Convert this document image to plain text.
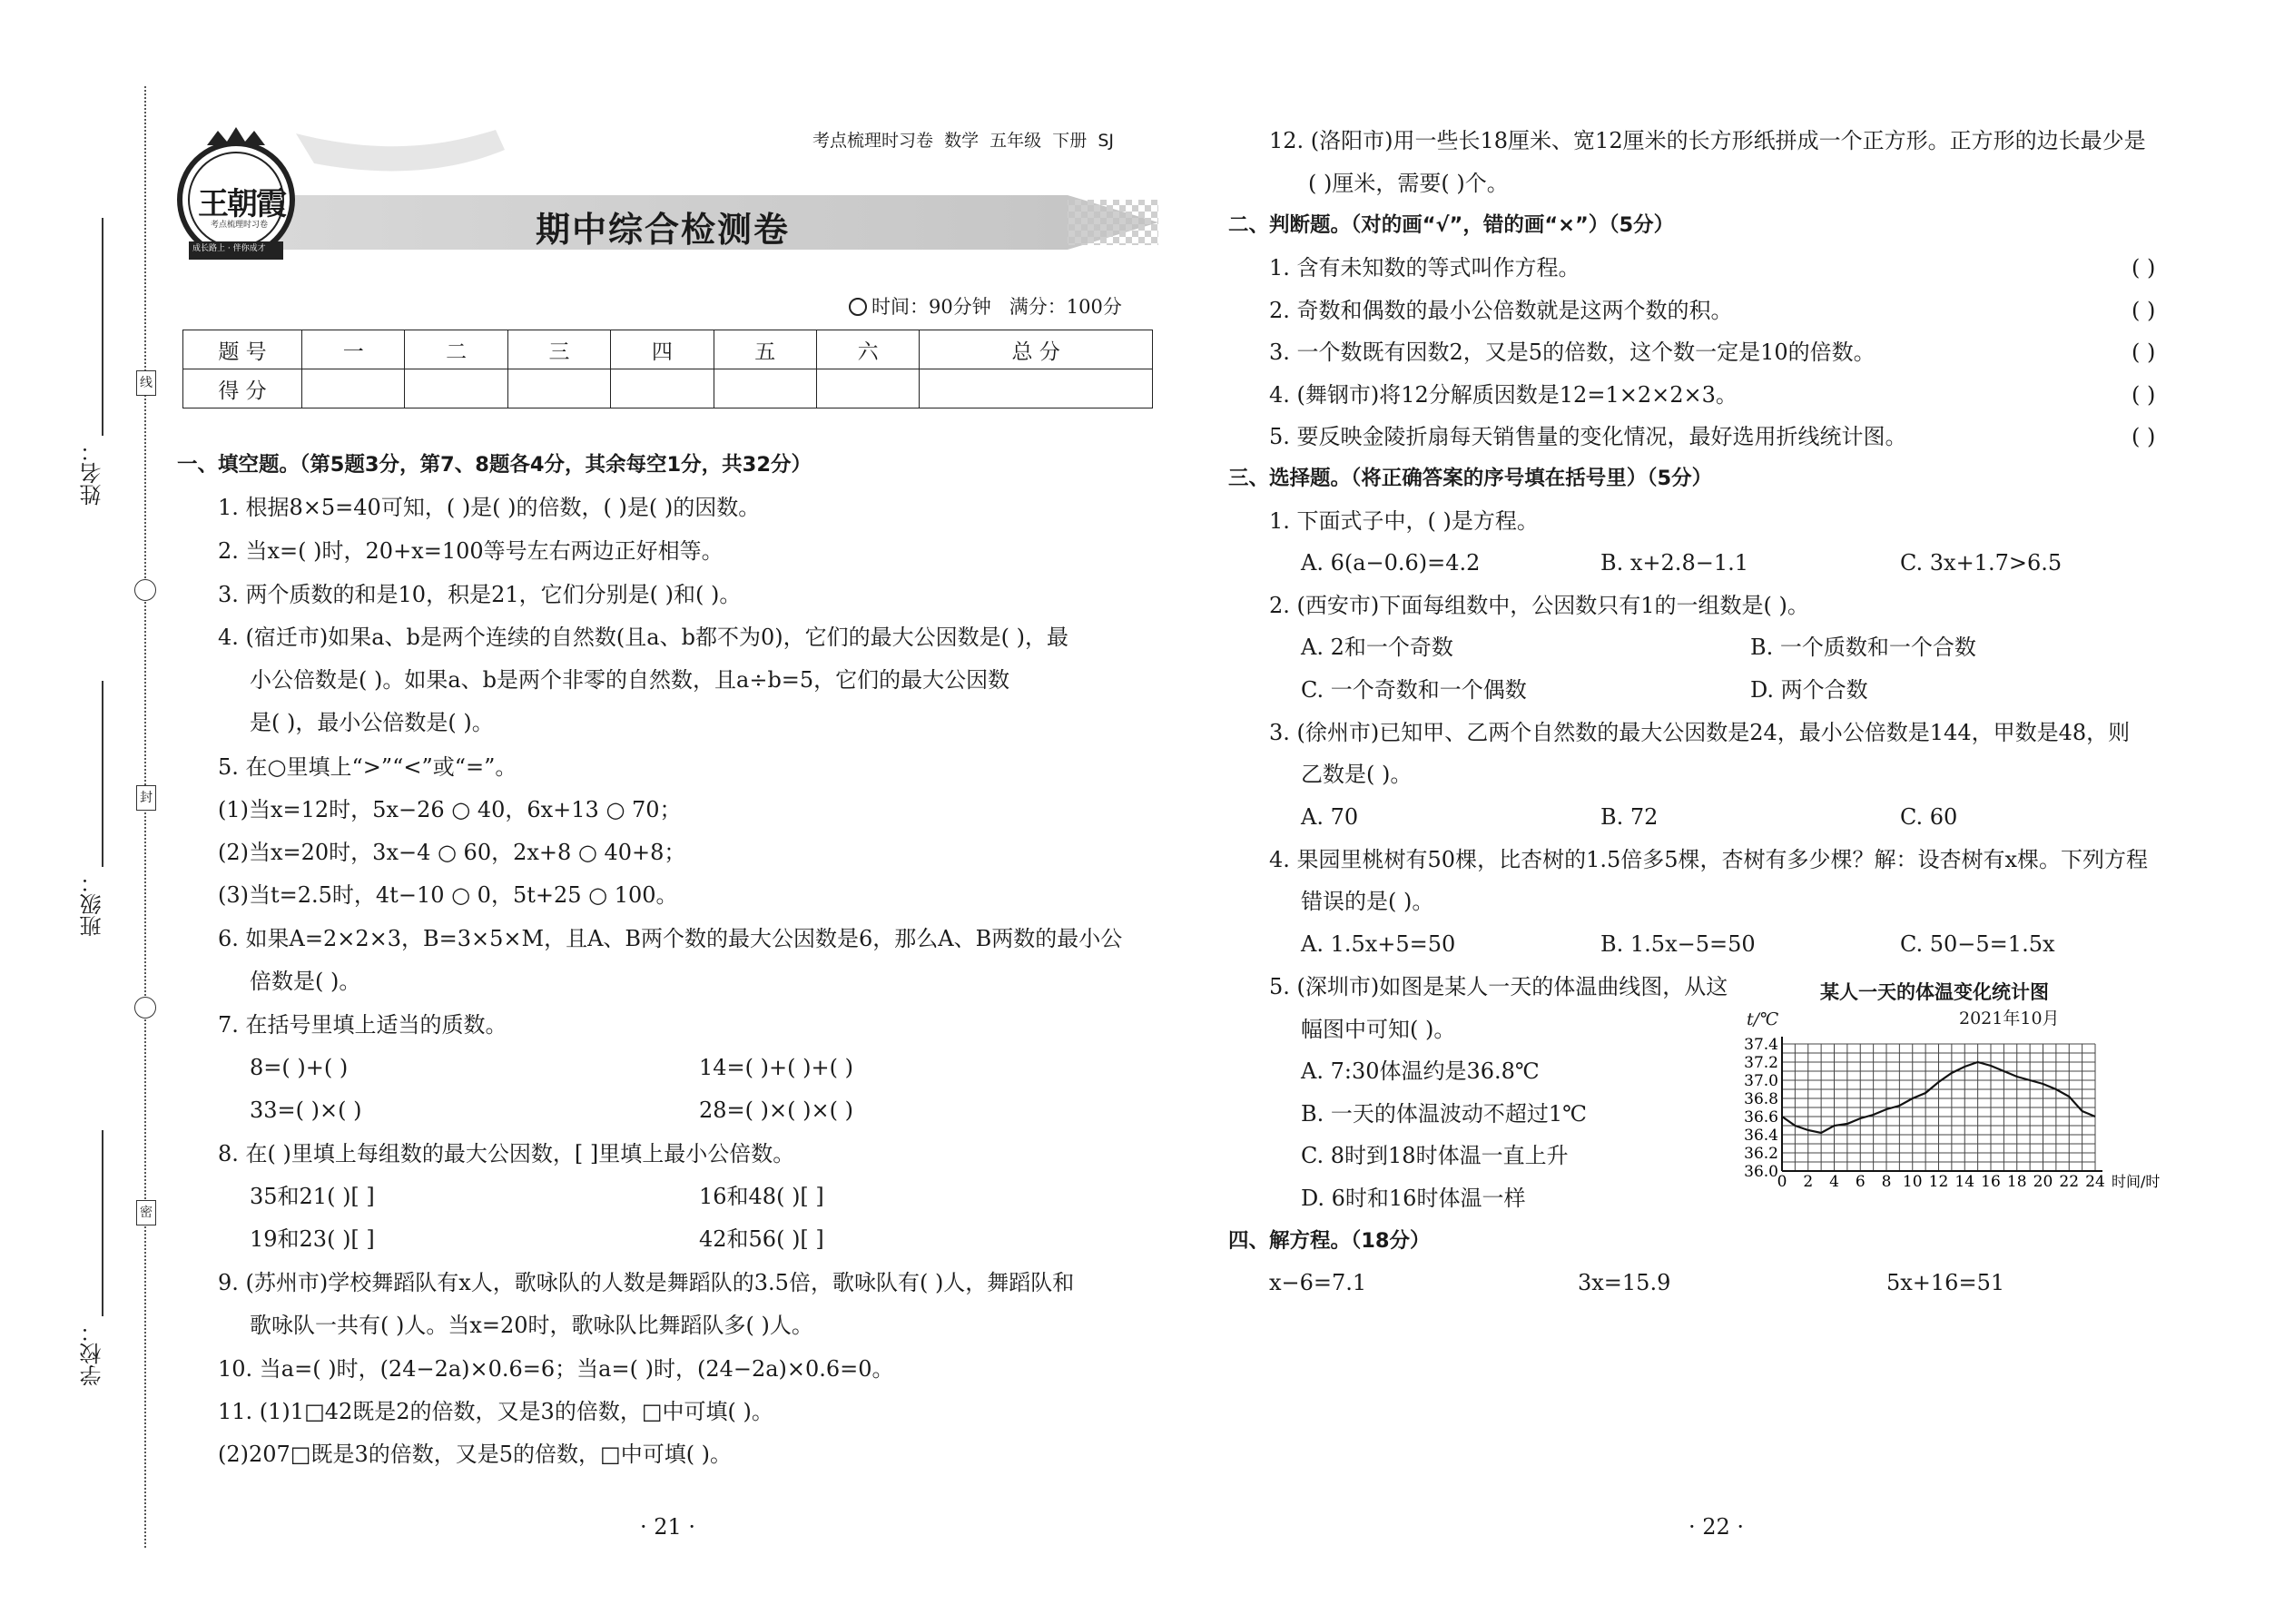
姓名：
线
封
班级：
密
学校：
王朝霞
考点梳理时习卷
成长路上 · 伴你成才
考点梳理时习卷  数学  五年级  下册  SJ
期中综合检测卷
时间：90分钟   满分：100分
题 号	一	二	三	四	五	六	总 分
得 分							
一、填空题。（第5题3分，第7、8题各4分，其余每空1分，共32分）
1. 根据8×5=40可知，( )是( )的倍数，( )是( )的因数。
2. 当x=( )时，20+x=100等号左右两边正好相等。
3. 两个质数的和是10，积是21，它们分别是( )和( )。
4. (宿迁市)如果a、b是两个连续的自然数(且a、b都不为0)，它们的最大公因数是( )，最
小公倍数是( )。如果a、b是两个非零的自然数，且a÷b=5，它们的最大公因数
是( )，最小公倍数是( )。
5. 在○里填上“>”“<”或“=”。
(1)当x=12时，5x−26 ○ 40，6x+13 ○ 70；
(2)当x=20时，3x−4 ○ 60，2x+8 ○ 40+8；
(3)当t=2.5时，4t−10 ○ 0，5t+25 ○ 100。
6. 如果A=2×2×3，B=3×5×M，且A、B两个数的最大公因数是6，那么A、B两数的最小公
倍数是( )。
7. 在括号里填上适当的质数。
8=( )+( )	14=( )+( )+( )
33=( )×( )	28=( )×( )×( )
8. 在( )里填上每组数的最大公因数，[ ]里填上最小公倍数。
35和21( )[ ]	16和48( )[ ]
19和23( )[ ]	42和56( )[ ]
9. (苏州市)学校舞蹈队有x人，歌咏队的人数是舞蹈队的3.5倍，歌咏队有( )人，舞蹈队和
歌咏队一共有( )人。当x=20时，歌咏队比舞蹈队多( )人。
10. 当a=( )时，(24−2a)×0.6=6；当a=( )时，(24−2a)×0.6=0。
11. (1)1□42既是2的倍数，又是3的倍数，□中可填( )。
(2)207□既是3的倍数，又是5的倍数，□中可填( )。
· 21 ·
12. (洛阳市)用一些长18厘米、宽12厘米的长方形纸拼成一个正方形。正方形的边长最少是
( )厘米，需要( )个。
二、判断题。（对的画“√”，错的画“×”）（5分）
1. 含有未知数的等式叫作方程。	( )
2. 奇数和偶数的最小公倍数就是这两个数的积。	( )
3. 一个数既有因数2，又是5的倍数，这个数一定是10的倍数。	( )
4. (舞钢市)将12分解质因数是12=1×2×2×3。	( )
5. 要反映金陵折扇每天销售量的变化情况，最好选用折线统计图。	( )
三、选择题。（将正确答案的序号填在括号里）（5分）
1. 下面式子中，( )是方程。
A. 6(a−0.6)=4.2	B. x+2.8−1.1	C. 3x+1.7>6.5
2. (西安市)下面每组数中，公因数只有1的一组数是( )。
A. 2和一个奇数	B. 一个质数和一个合数
C. 一个奇数和一个偶数	D. 两个合数
3. (徐州市)已知甲、乙两个自然数的最大公因数是24，最小公倍数是144，甲数是48，则
乙数是( )。
A. 70	B. 72	C. 60
4. 果园里桃树有50棵，比杏树的1.5倍多5棵，杏树有多少棵？解：设杏树有x棵。下列方程
错误的是( )。
A. 1.5x+5=50	B. 1.5x−5=50	C. 50−5=1.5x
5. (深圳市)如图是某人一天的体温曲线图，从这
幅图中可知( )。
A. 7:30体温约是36.8℃
B. 一天的体温波动不超过1℃
C. 8时到18时体温一直上升
D. 6时和16时体温一样
四、解方程。（18分）
x−6=7.1	3x=15.9	5x+16=51
· 22 ·
某人一天的体温变化统计图
2021年10月
t/℃
36.0
36.2
36.4
36.6
36.8
37.0
37.2
37.4
0 2 4 6 8 10 12 14 16 18 20 22 24 时间/时
